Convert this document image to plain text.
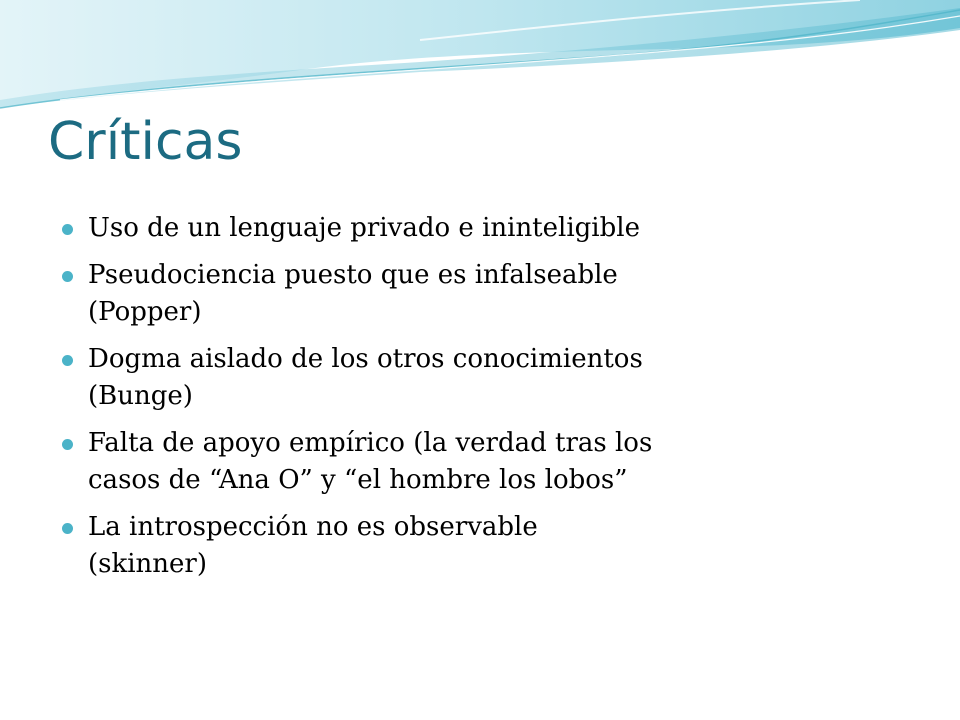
Críticas
Uso de un lenguaje privado e ininteligible
Pseudociencia puesto que es infalseable
(Popper)
Dogma aislado de los otros conocimientos
(Bunge)
Falta de apoyo empírico (la verdad tras los
casos de “Ana O” y “el hombre los lobos”
La introspección no es observable
(skinner)
